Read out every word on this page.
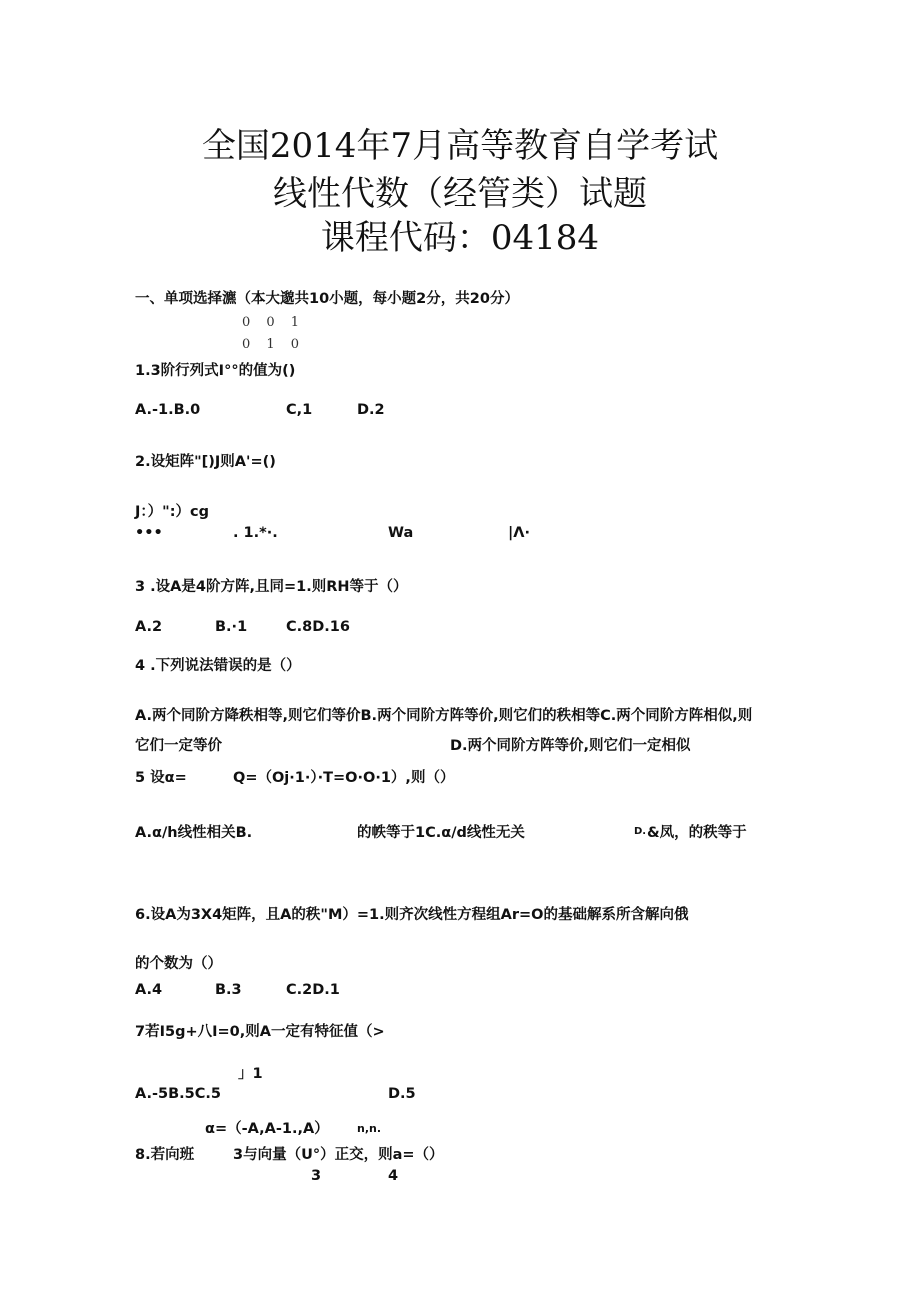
全国2014年7月高等教育自学考试
线性代数（经管类）试题
课程代码：04184
一、单项选择瀌（本大邈共10小题，每小题2分，共20分）
0 0 1
0 1 0
1.3阶行列式I°°的值为()
A.-1.B.0	C,1	D.2
2.设矩阵"[)J则A'=()
J：）":）cg
•••	. 1.*·.	Wa	|Λ·
3 .设A是4阶方阵,且同=1.则RH等于（）
A.2	B.·1	C.8D.16
4 .下列说法错误的是（）
A.两个同阶方降秩相等,则它们等价B.两个同阶方阵等价,则它们的秩相等C.两个同阶方阵相似,则
它们一定等价	D.两个同阶方阵等价,则它们一定相似
5 设α=	Q=（Oj·1·）·T=O·O·1）,则（）
A.α/h线性相关B.	的帙等于1C.α/d线性无关	D. &凤，的秩等于
6.设A为3X4矩阵，且A的秩"M）=1.则齐次线性方程组Ar=O的基础解系所含解向俄
的个数为（）
A.4	B.3	C.2D.1
7若I5g+八I=0,则A一定有特征值（>
」1
A.-5B.5C.5	D.5
α=（-A,A-1.,A）	n,n.
8.若向班	3与向量（U°）正交，则a=（）
3	4
